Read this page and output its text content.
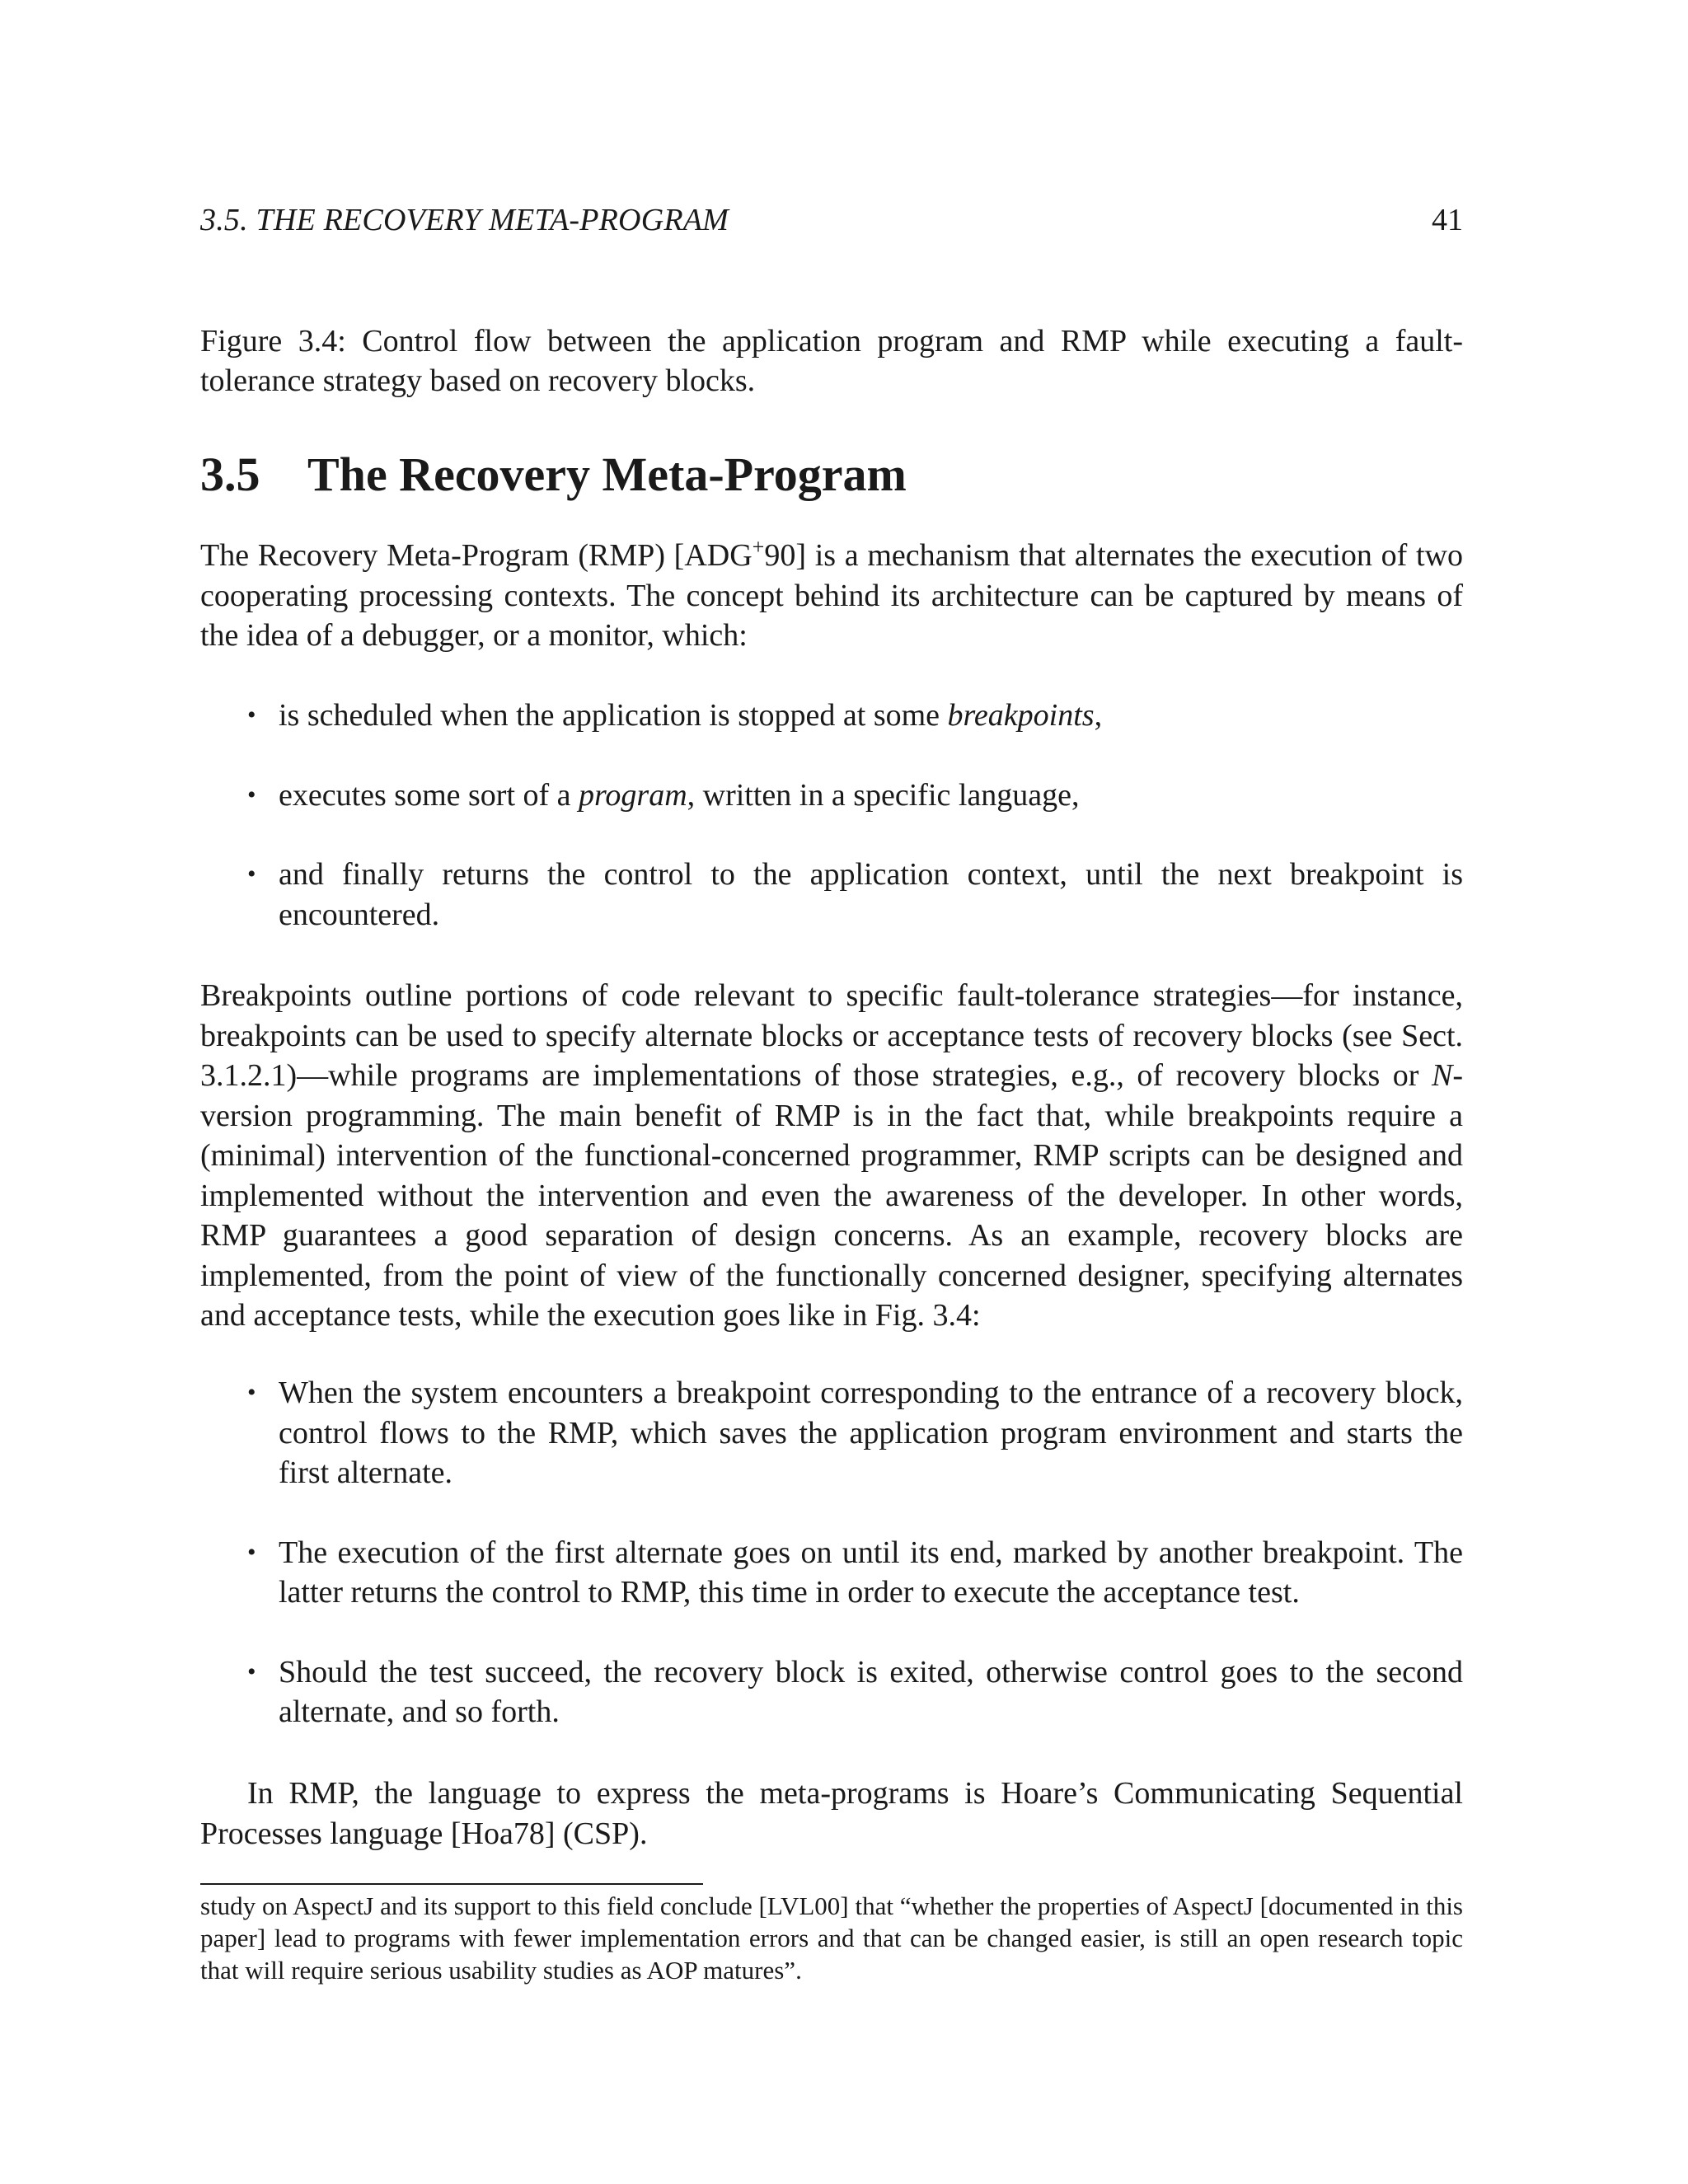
3.5. THE RECOVERY META-PROGRAM	41
Figure 3.4: Control flow between the application program and RMP while executing a fault-tolerance strategy based on recovery blocks.
3.5 The Recovery Meta-Program

The Recovery Meta-Program (RMP) [ADG+90] is a mechanism that alternates the execution of two cooperating processing contexts. The concept behind its architecture can be captured by means of the idea of a debugger, or a monitor, which:

• is scheduled when the application is stopped at some breakpoints,
• executes some sort of a program, written in a specific language,
• and finally returns the control to the application context, until the next breakpoint is encountered.

Breakpoints outline portions of code relevant to specific fault-tolerance strategies—for instance, breakpoints can be used to specify alternate blocks or acceptance tests of recovery blocks (see Sect. 3.1.2.1)—while programs are implementations of those strategies, e.g., of recovery blocks or N-version programming. The main benefit of RMP is in the fact that, while breakpoints require a (minimal) intervention of the functional-concerned programmer, RMP scripts can be designed and implemented without the intervention and even the awareness of the developer. In other words, RMP guarantees a good separation of design concerns. As an example, recovery blocks are implemented, from the point of view of the functionally concerned designer, specifying alternates and acceptance tests, while the execution goes like in Fig. 3.4:

• When the system encounters a breakpoint corresponding to the entrance of a recovery block, control flows to the RMP, which saves the application program environment and starts the first alternate.
• The execution of the first alternate goes on until its end, marked by another breakpoint. The latter returns the control to RMP, this time in order to execute the acceptance test.
• Should the test succeed, the recovery block is exited, otherwise control goes to the second alternate, and so forth.

In RMP, the language to express the meta-programs is Hoare’s Communicating Sequential Processes language [Hoa78] (CSP).

study on AspectJ and its support to this field conclude [LVL00] that “whether the properties of AspectJ [documented in this paper] lead to programs with fewer implementation errors and that can be changed easier, is still an open research topic that will require serious usability studies as AOP matures”.
